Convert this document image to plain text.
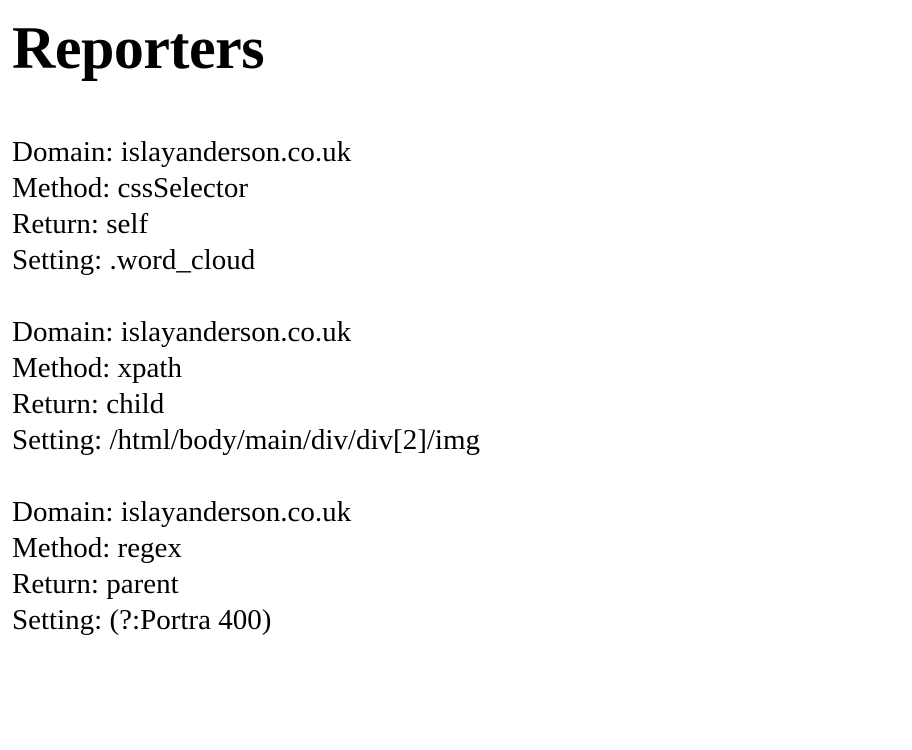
Reporters
Domain: islayanderson.co.uk
Method: cssSelector
Return: self
Setting: .word_cloud
Domain: islayanderson.co.uk
Method: xpath
Return: child
Setting: /html/body/main/div/div[2]/img
Domain: islayanderson.co.uk
Method: regex
Return: parent
Setting: (?:Portra 400)
